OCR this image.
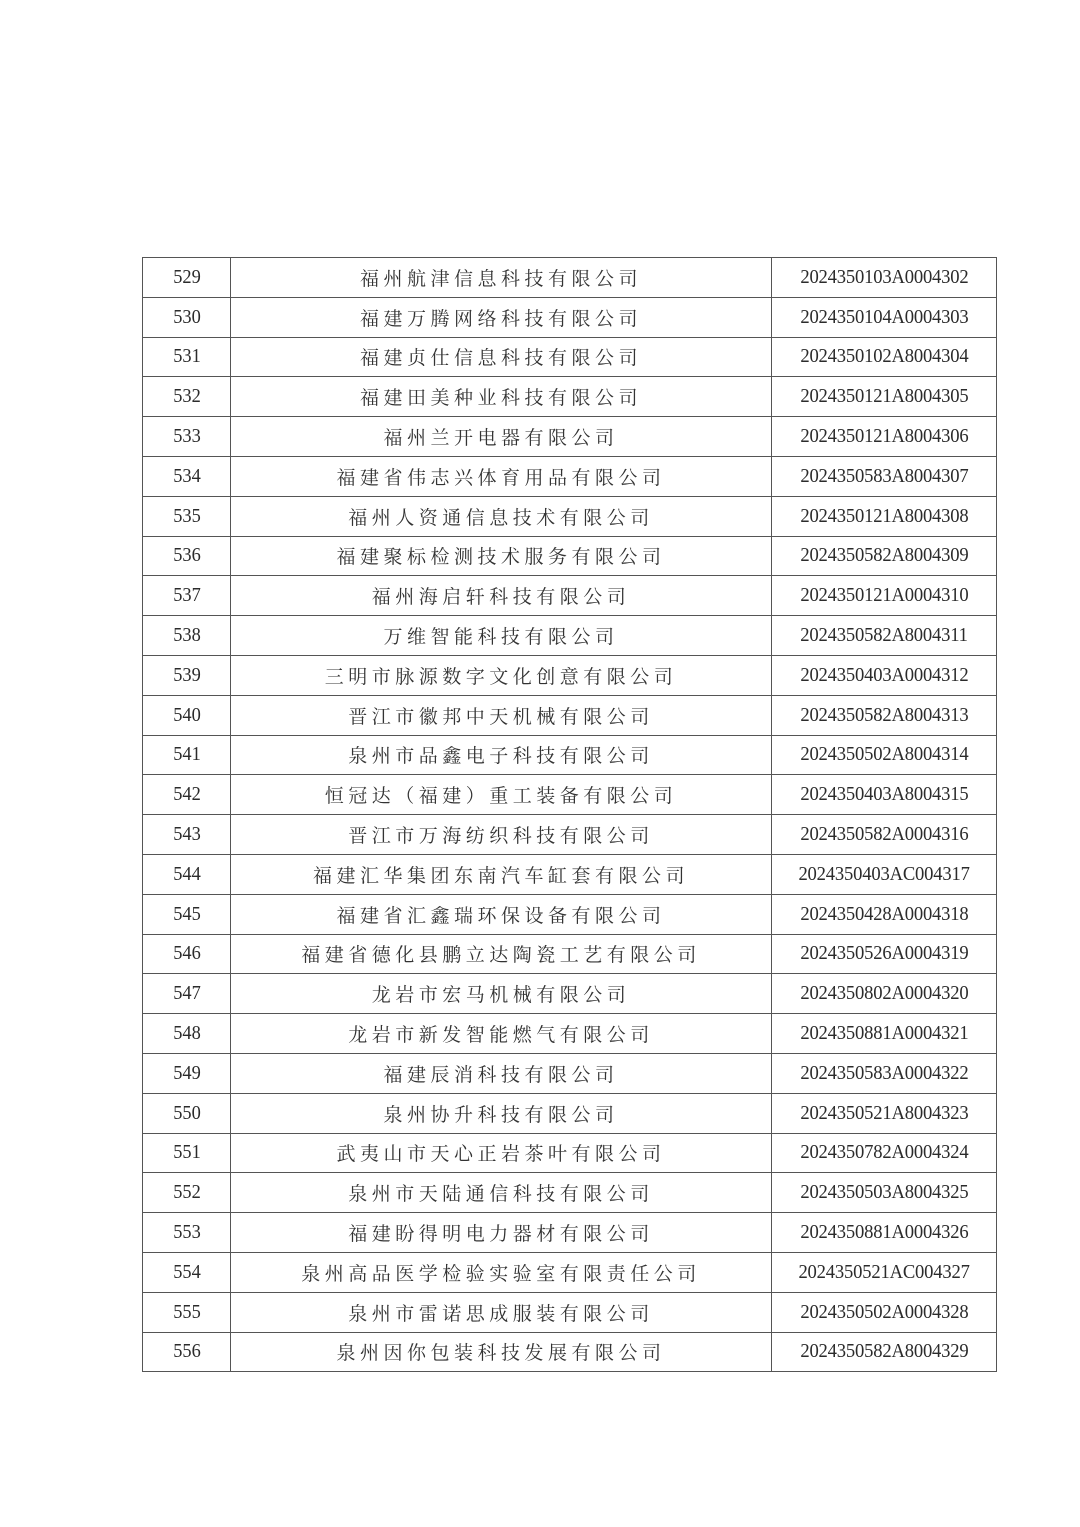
529	福州航津信息科技有限公司	2024350103A0004302
530	福建万腾网络科技有限公司	2024350104A0004303
531	福建贞仕信息科技有限公司	2024350102A8004304
532	福建田美种业科技有限公司	2024350121A8004305
533	福州兰开电器有限公司	2024350121A8004306
534	福建省伟志兴体育用品有限公司	2024350583A8004307
535	福州人资通信息技术有限公司	2024350121A8004308
536	福建聚标检测技术服务有限公司	2024350582A8004309
537	福州海启轩科技有限公司	2024350121A0004310
538	万维智能科技有限公司	2024350582A8004311
539	三明市脉源数字文化创意有限公司	2024350403A0004312
540	晋江市徽邦中天机械有限公司	2024350582A8004313
541	泉州市品鑫电子科技有限公司	2024350502A8004314
542	恒冠达（福建）重工装备有限公司	2024350403A8004315
543	晋江市万海纺织科技有限公司	2024350582A0004316
544	福建汇华集团东南汽车缸套有限公司	2024350403AC004317
545	福建省汇鑫瑞环保设备有限公司	2024350428A0004318
546	福建省德化县鹏立达陶瓷工艺有限公司	2024350526A0004319
547	龙岩市宏马机械有限公司	2024350802A0004320
548	龙岩市新发智能燃气有限公司	2024350881A0004321
549	福建辰消科技有限公司	2024350583A0004322
550	泉州协升科技有限公司	2024350521A8004323
551	武夷山市天心正岩茶叶有限公司	2024350782A0004324
552	泉州市天陆通信科技有限公司	2024350503A8004325
553	福建盼得明电力器材有限公司	2024350881A0004326
554	泉州高品医学检验实验室有限责任公司	2024350521AC004327
555	泉州市雷诺思成服装有限公司	2024350502A0004328
556	泉州因你包装科技发展有限公司	2024350582A8004329
